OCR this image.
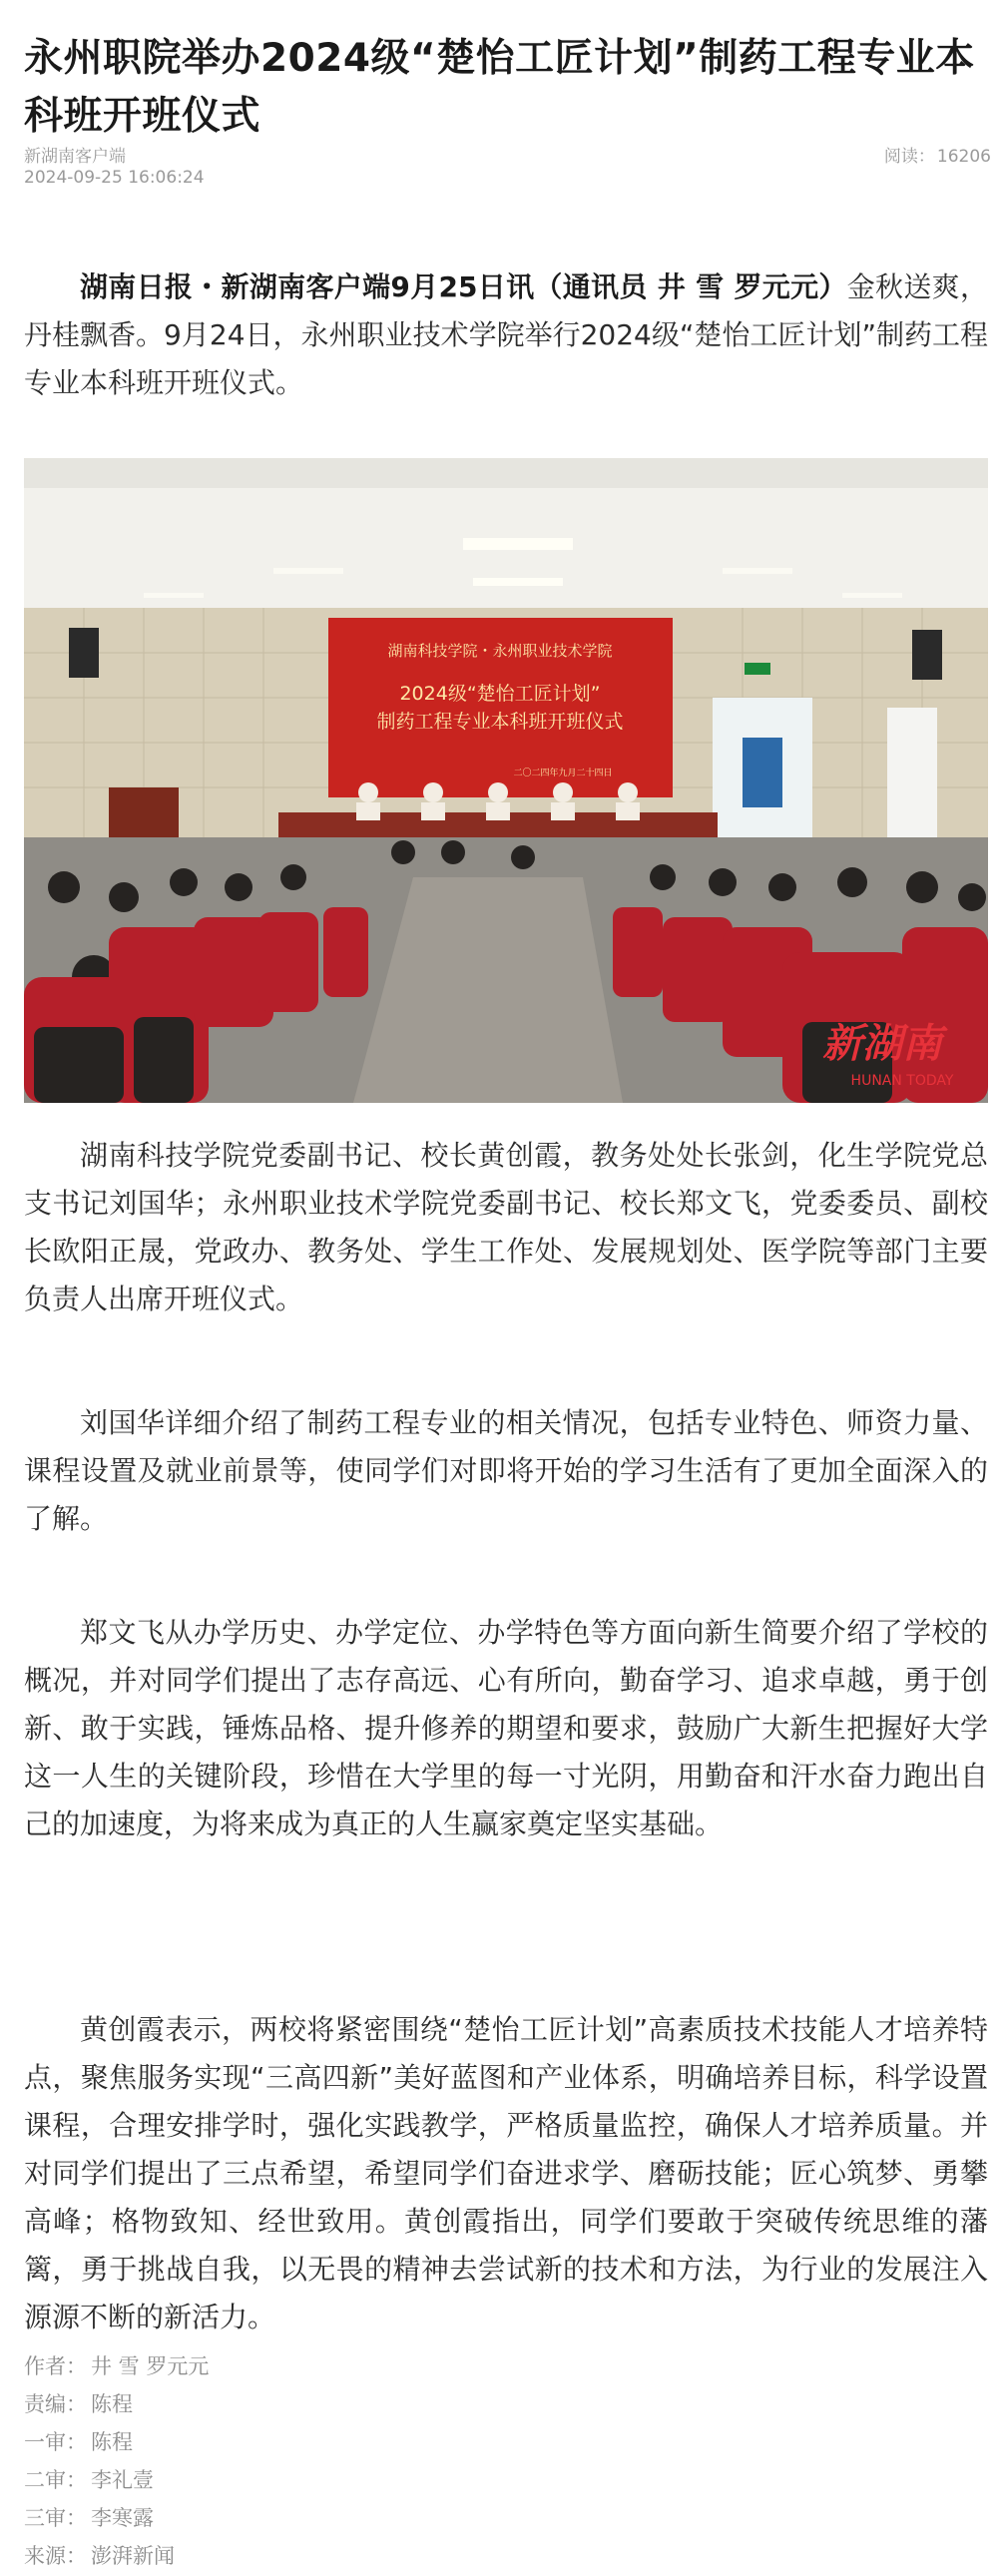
永州职院举办2024级“楚怡工匠计划”制药工程专业本科班开班仪式
新湖南客户端
2024-09-25 16:06:24
阅读： 16206

湖南日报・新湖南客户端9月25日讯（通讯员 井 雪 罗元元）金秋送爽，丹桂飘香。9月24日，永州职业技术学院举行2024级“楚怡工匠计划”制药工程专业本科班开班仪式。

湖南科技学院・永州职业技术学院
2024级“楚怡工匠计划”
制药工程专业本科班开班仪式
二〇二四年九月二十四日
新湖南
HUNAN TODAY

湖南科技学院党委副书记、校长黄创霞，教务处处长张剑，化生学院党总支书记刘国华；永州职业技术学院党委副书记、校长郑文飞，党委委员、副校长欧阳正晟，党政办、教务处、学生工作处、发展规划处、医学院等部门主要负责人出席开班仪式。

刘国华详细介绍了制药工程专业的相关情况，包括专业特色、师资力量、课程设置及就业前景等，使同学们对即将开始的学习生活有了更加全面深入的了解。

郑文飞从办学历史、办学定位、办学特色等方面向新生简要介绍了学校的概况，并对同学们提出了志存高远、心有所向，勤奋学习、追求卓越，勇于创新、敢于实践，锤炼品格、提升修养的期望和要求，鼓励广大新生把握好大学这一人生的关键阶段，珍惜在大学里的每一寸光阴，用勤奋和汗水奋力跑出自己的加速度，为将来成为真正的人生赢家奠定坚实基础。

黄创霞表示，两校将紧密围绕“楚怡工匠计划”高素质技术技能人才培养特点，聚焦服务实现“三高四新”美好蓝图和产业体系，明确培养目标，科学设置课程，合理安排学时，强化实践教学，严格质量监控，确保人才培养质量。并对同学们提出了三点希望，希望同学们奋进求学、磨砺技能；匠心筑梦、勇攀高峰；格物致知、经世致用。黄创霞指出，同学们要敢于突破传统思维的藩篱，勇于挑战自我，以无畏的精神去尝试新的技术和方法，为行业的发展注入源源不断的新活力。

作者： 井 雪 罗元元
责编： 陈程
一审： 陈程
二审： 李礼壹
三审： 李寒露
来源： 澎湃新闻
